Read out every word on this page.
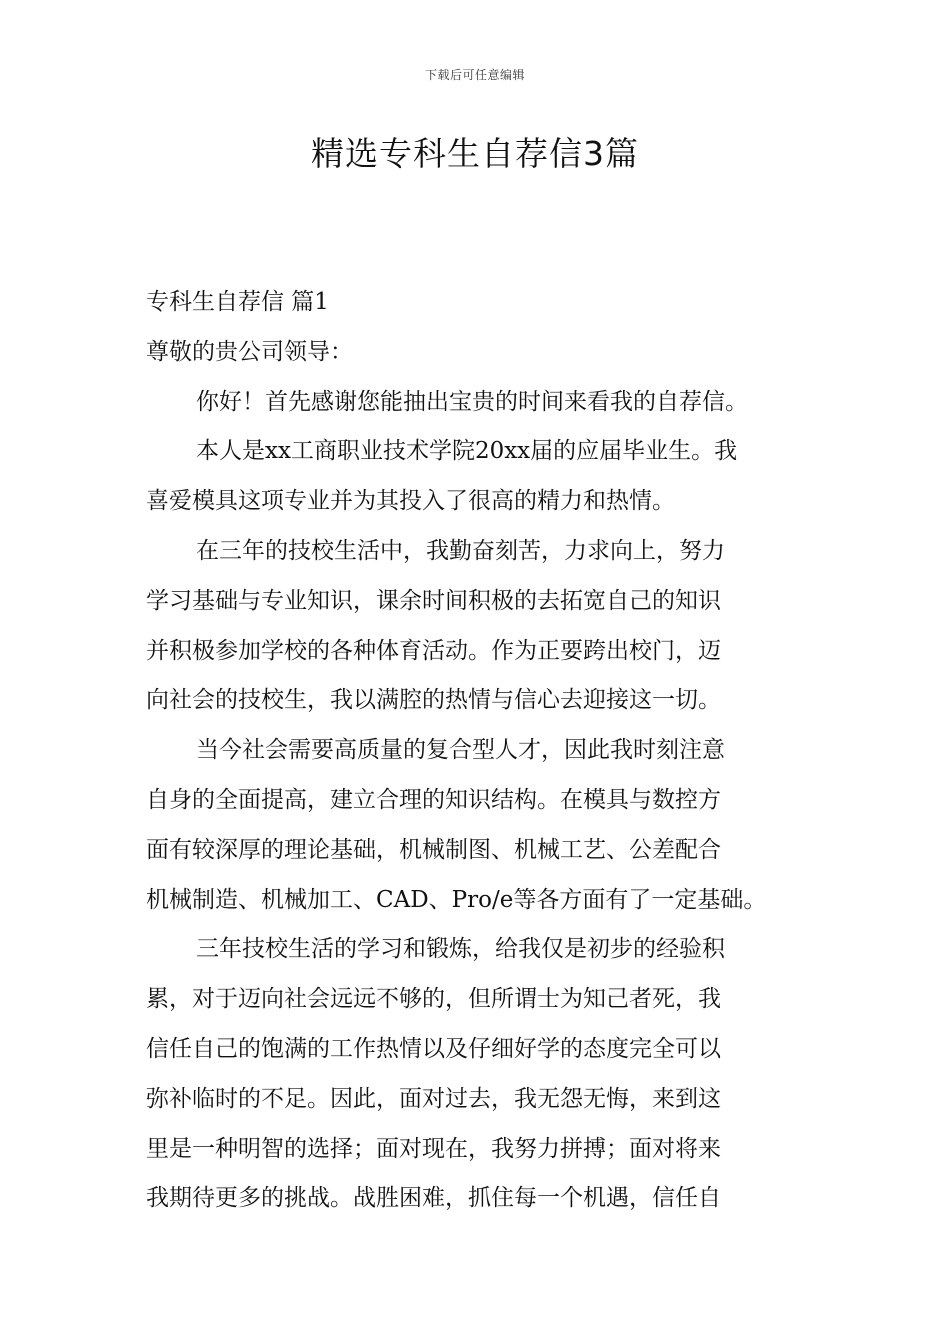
下载后可任意编辑
精选专科生自荐信3篇
专科生自荐信 篇1
尊敬的贵公司领导：
你好！首先感谢您能抽出宝贵的时间来看我的自荐信。
本人是xx工商职业技术学院20xx届的应届毕业生。我
喜爱模具这项专业并为其投入了很高的精力和热情。
在三年的技校生活中，我勤奋刻苦，力求向上，努力
学习基础与专业知识，课余时间积极的去拓宽自己的知识
并积极参加学校的各种体育活动。作为正要跨出校门，迈
向社会的技校生，我以满腔的热情与信心去迎接这一切。
当今社会需要高质量的复合型人才，因此我时刻注意
自身的全面提高，建立合理的知识结构。在模具与数控方
面有较深厚的理论基础，机械制图、机械工艺、公差配合
机械制造、机械加工、CAD、Pro/e等各方面有了一定基础。
三年技校生活的学习和锻炼，给我仅是初步的经验积
累，对于迈向社会远远不够的，但所谓士为知己者死，我
信任自己的饱满的工作热情以及仔细好学的态度完全可以
弥补临时的不足。因此，面对过去，我无怨无悔，来到这
里是一种明智的选择；面对现在，我努力拼搏；面对将来
我期待更多的挑战。战胜困难，抓住每一个机遇，信任自
